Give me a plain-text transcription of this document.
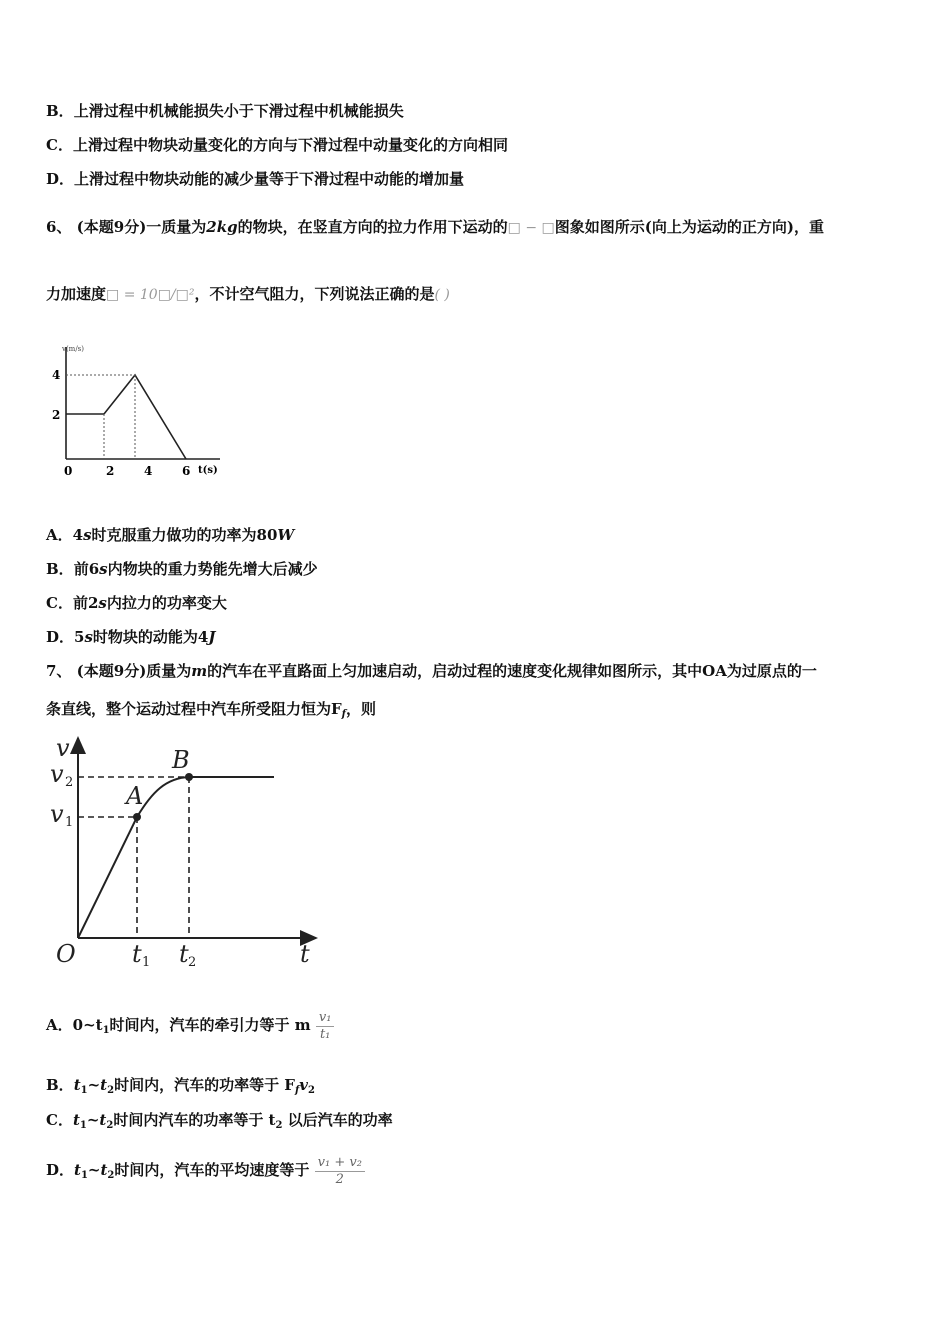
B．上滑过程中机械能损失小于下滑过程中机械能损失
C．上滑过程中物块动量变化的方向与下滑过程中动量变化的方向相同
D．上滑过程中物块动能的减少量等于下滑过程中动能的增加量
6、 (本题9分)一质量为2kg的物块，在竖直方向的拉力作用下运动的□ − □图象如图所示(向上为运动的正方向)，重
力加速度□ = 10□/□²，不计空气阻力，下列说法正确的是( )
v(m/s)
4
2
0	2 4 6 t(s)
A．4s时克服重力做功的功率为80W
B．前6s内物块的重力势能先增大后减少
C．前2s内拉力的功率变大
D．5s时物块的动能为4J
7、 (本题9分)质量为m的汽车在平直路面上匀加速启动，启动过程的速度变化规律如图所示，其中OA为过原点的一
条直线，整个运动过程中汽车所受阻力恒为$F_f$，则
v
v
v
A
B
O	t
t t
2
1
1	2
A．$0\sim t_1$时间内，汽车的牵引力等于 m $\frac{\text{v₁}}{\text{t₁}}$
B．$t_1\sim t_2$时间内，汽车的功率等于 $F_fv_2$
C．$t_1\sim t_2$时间内汽车的功率等于 $t_2$ 以后汽车的功率
D．$t_1\sim t_2$时间内，汽车的平均速度等于 $\frac{\text{v₁ + v₂}}{2}$
